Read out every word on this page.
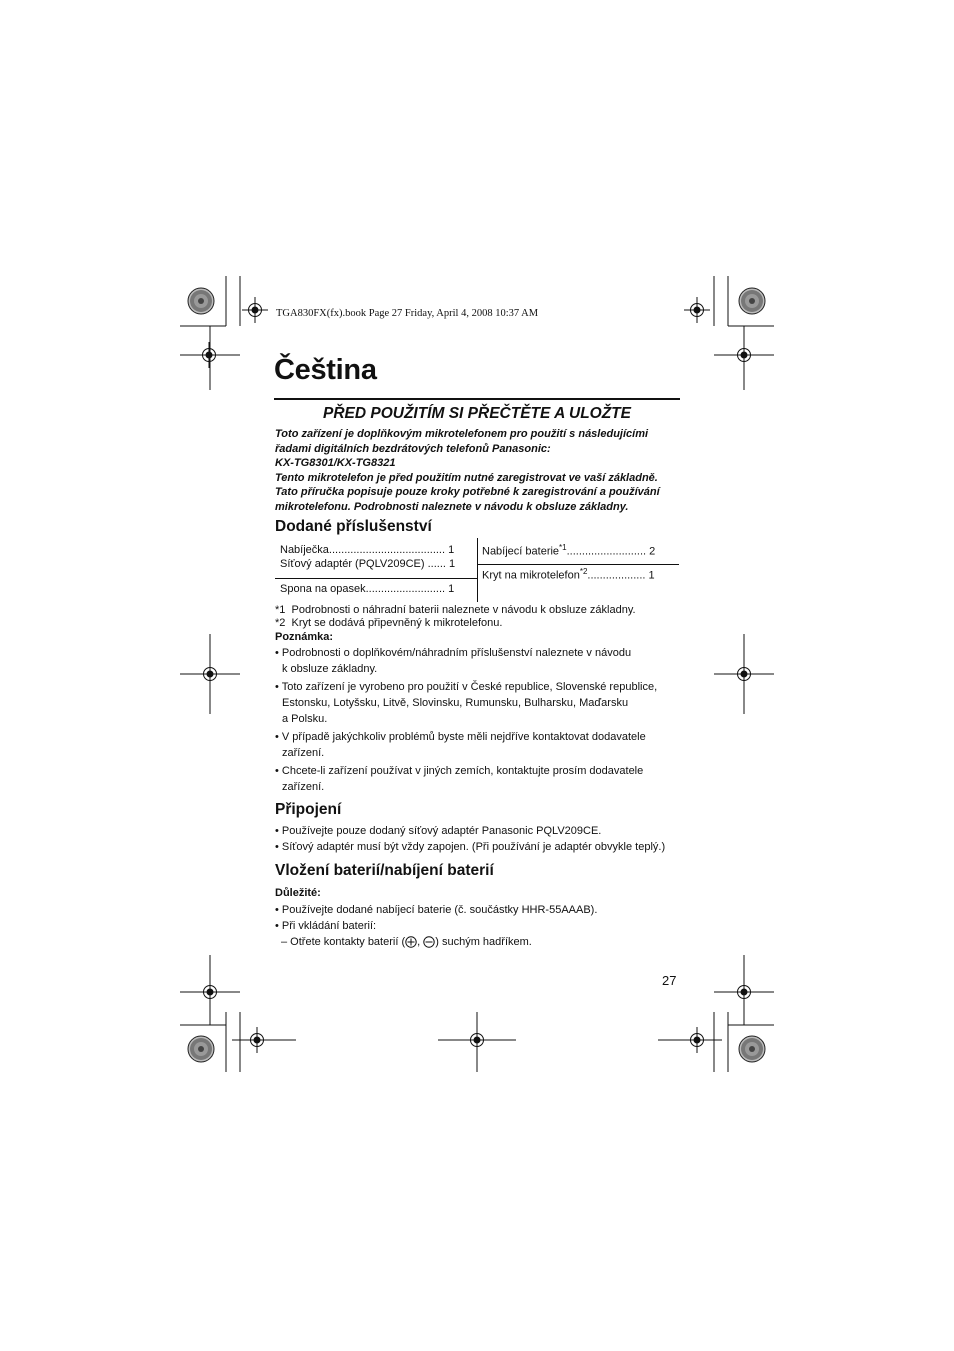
TGA830FX(fx).book Page 27 Friday, April 4, 2008 10:37 AM
Čeština
PŘED POUŽITÍM SI PŘEČTĚTE A ULOŽTE
Toto zařízení je doplňkovým mikrotelefonem pro použití s následujícími
řadami digitálních bezdrátových telefonů Panasonic:
KX-TG8301/KX-TG8321
Tento mikrotelefon je před použitím nutné zaregistrovat ve vaší základně.
Tato příručka popisuje pouze kroky potřebné k zaregistrování a používání
mikrotelefonu. Podrobnosti naleznete v návodu k obsluze základny.
Dodané příslušenství
Nabíječka...................................... 1
Síťový adaptér (PQLV209CE) ...... 1
Spona na opasek.......................... 1
Nabíjecí baterie$^{*1}$.......................... 2
Kryt na mikrotelefon$^{*2}$................... 1
*1  Podrobnosti o náhradní baterii naleznete v návodu k obsluze základny.
*2  Kryt se dodává připevněný k mikrotelefonu.
Poznámka:
• Podrobnosti o doplňkovém/náhradním příslušenství naleznete v návodu
k obsluze základny.
• Toto zařízení je vyrobeno pro použití v České republice, Slovenské republice,
Estonsku, Lotyšsku, Litvě, Slovinsku, Rumunsku, Bulharsku, Maďarsku
a Polsku.
• V případě jakýchkoliv problémů byste měli nejdříve kontaktovat dodavatele
zařízení.
• Chcete-li zařízení používat v jiných zemích, kontaktujte prosím dodavatele
zařízení.
Připojení
• Používejte pouze dodaný síťový adaptér Panasonic PQLV209CE.
• Síťový adaptér musí být vždy zapojen. (Při používání je adaptér obvykle teplý.)
Vložení baterií/nabíjení baterií
Důležité:
• Používejte dodané nabíjecí baterie (č. součástky HHR-55AAAB).
• Při vkládání baterií:
– Otřete kontakty baterií ( , ) suchým hadříkem.
27
